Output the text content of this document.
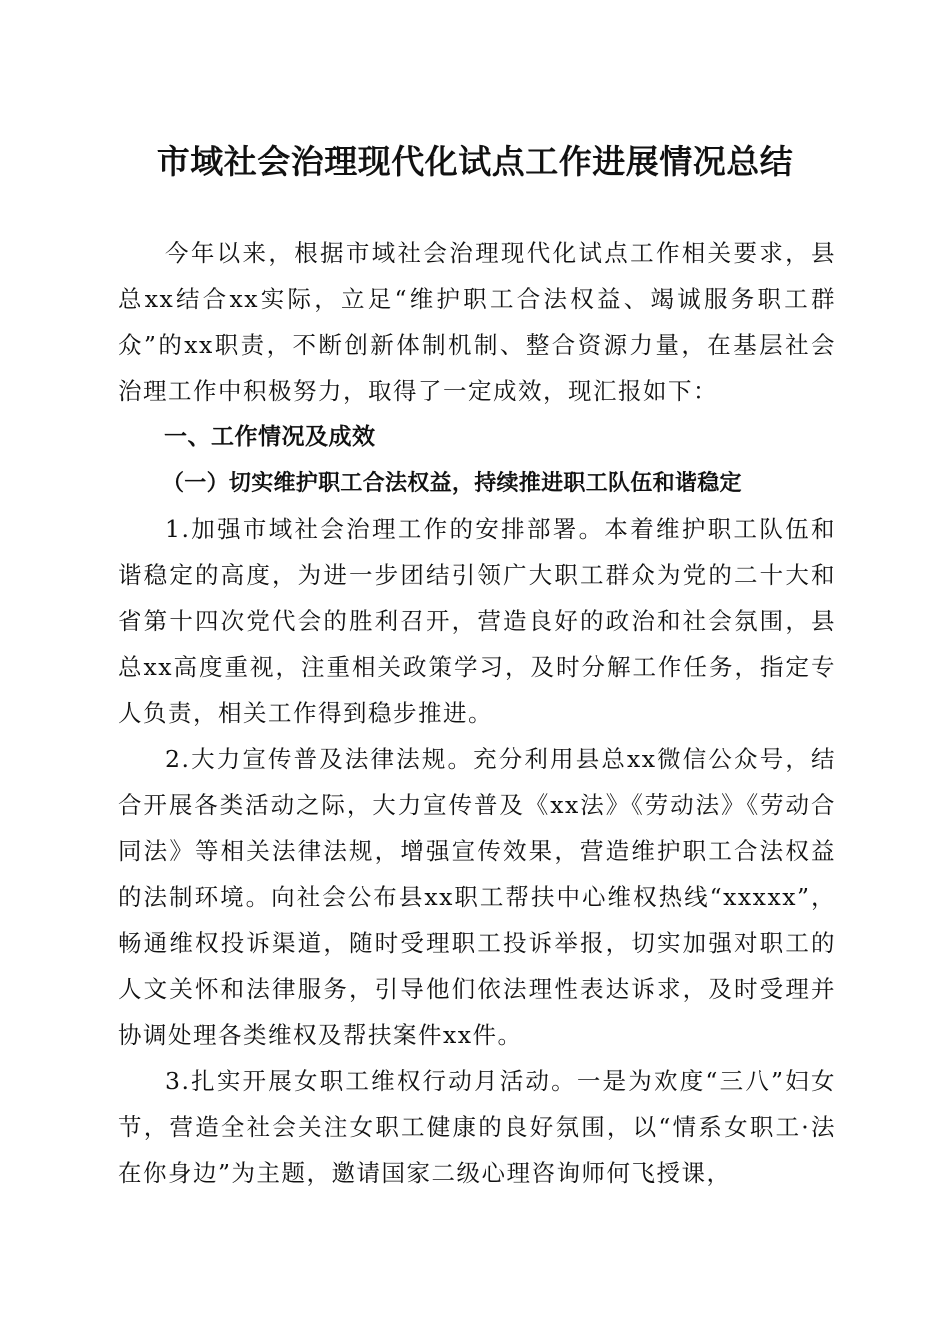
市域社会治理现代化试点工作进展情况总结

今年以来，根据市域社会治理现代化试点工作相关要求，县总xx结合xx实际，立足“维护职工合法权益、竭诚服务职工群众”的xx职责，不断创新体制机制、整合资源力量，在基层社会治理工作中积极努力，取得了一定成效，现汇报如下：

一、工作情况及成效
（一）切实维护职工合法权益，持续推进职工队伍和谐稳定

1.加强市域社会治理工作的安排部署。本着维护职工队伍和谐稳定的高度，为进一步团结引领广大职工群众为党的二十大和省第十四次党代会的胜利召开，营造良好的政治和社会氛围，县总xx高度重视，注重相关政策学习，及时分解工作任务，指定专人负责，相关工作得到稳步推进。

2.大力宣传普及法律法规。充分利用县总xx微信公众号，结合开展各类活动之际，大力宣传普及《xx法》《劳动法》《劳动合同法》等相关法律法规，增强宣传效果，营造维护职工合法权益的法制环境。向社会公布县xx职工帮扶中心维权热线“xxxxx”，畅通维权投诉渠道，随时受理职工投诉举报，切实加强对职工的人文关怀和法律服务，引导他们依法理性表达诉求，及时受理并协调处理各类维权及帮扶案件xx件。

3.扎实开展女职工维权行动月活动。一是为欢度“三八”妇女节，营造全社会关注女职工健康的良好氛围，以“情系女职工·法在你身边”为主题，邀请国家二级心理咨询师何飞授课，
